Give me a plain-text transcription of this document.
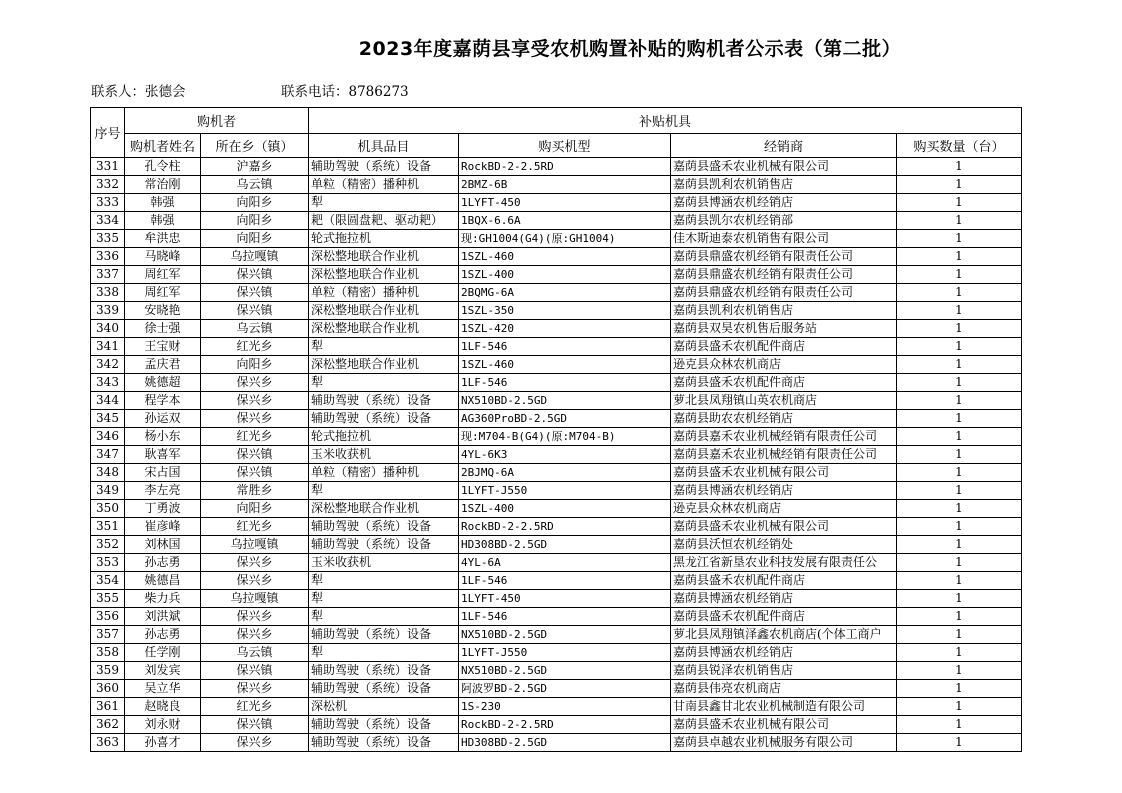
2023年度嘉荫县享受农机购置补贴的购机者公示表（第二批）
联系人：张德会	联系电话：8786273
序号	购机者		补贴机具			
	购机者姓名	所在乡（镇）	机具品目	购买机型	经销商	购买数量（台）
331	孔令柱	沪嘉乡	辅助驾驶（系统）设备	RockBD-2-2.5RD	嘉荫县盛禾农业机械有限公司	1
332	常治刚	乌云镇	单粒（精密）播种机	2BMZ-6B	嘉荫县凯利农机销售店	1
333	韩强	向阳乡	犁	1LYFT-450	嘉荫县博涵农机经销店	1
334	韩强	向阳乡	耙（限圆盘耙、驱动耙）	1BQX-6.6A	嘉荫县凯尔农机经销部	1
335	牟洪忠	向阳乡	轮式拖拉机	现:GH1004(G4)(原:GH1004)	佳木斯迪泰农机销售有限公司	1
336	马晓峰	乌拉嘎镇	深松整地联合作业机	1SZL-460	嘉荫县鼎盛农机经销有限责任公司	1
337	周红军	保兴镇	深松整地联合作业机	1SZL-400	嘉荫县鼎盛农机经销有限责任公司	1
338	周红军	保兴镇	单粒（精密）播种机	2BQMG-6A	嘉荫县鼎盛农机经销有限责任公司	1
339	安晓艳	保兴镇	深松整地联合作业机	1SZL-350	嘉荫县凯利农机销售店	1
340	徐士强	乌云镇	深松整地联合作业机	1SZL-420	嘉荫县双昊农机售后服务站	1
341	王宝财	红光乡	犁	1LF-546	嘉荫县盛禾农机配件商店	1
342	孟庆君	向阳乡	深松整地联合作业机	1SZL-460	逊克县众林农机商店	1
343	姚德超	保兴乡	犁	1LF-546	嘉荫县盛禾农机配件商店	1
344	程学本	保兴乡	辅助驾驶（系统）设备	NX510BD-2.5GD	萝北县凤翔镇山英农机商店	1
345	孙运双	保兴乡	辅助驾驶（系统）设备	AG360ProBD-2.5GD	嘉荫县助农农机经销店	1
346	杨小东	红光乡	轮式拖拉机	现:M704-B(G4)(原:M704-B)	嘉荫县嘉禾农业机械经销有限责任公司	1
347	耿喜军	保兴镇	玉米收获机	4YL-6K3	嘉荫县嘉禾农业机械经销有限责任公司	1
348	宋占国	保兴镇	单粒（精密）播种机	2BJMQ-6A	嘉荫县盛禾农业机械有限公司	1
349	李左亮	常胜乡	犁	1LYFT-J550	嘉荫县博涵农机经销店	1
350	丁勇波	向阳乡	深松整地联合作业机	1SZL-400	逊克县众林农机商店	1
351	崔彦峰	红光乡	辅助驾驶（系统）设备	RockBD-2-2.5RD	嘉荫县盛禾农业机械有限公司	1
352	刘林国	乌拉嘎镇	辅助驾驶（系统）设备	HD308BD-2.5GD	嘉荫县沃恒农机经销处	1
353	孙志勇	保兴乡	玉米收获机	4YL-6A	黑龙江省新垦农业科技发展有限责任公	1
354	姚德昌	保兴乡	犁	1LF-546	嘉荫县盛禾农机配件商店	1
355	柴力兵	乌拉嘎镇	犁	1LYFT-450	嘉荫县博涵农机经销店	1
356	刘洪斌	保兴乡	犁	1LF-546	嘉荫县盛禾农机配件商店	1
357	孙志勇	保兴乡	辅助驾驶（系统）设备	NX510BD-2.5GD	萝北县凤翔镇泽鑫农机商店(个体工商户	1
358	任学刚	乌云镇	犁	1LYFT-J550	嘉荫县博涵农机经销店	1
359	刘发宾	保兴镇	辅助驾驶（系统）设备	NX510BD-2.5GD	嘉荫县锐泽农机销售店	1
360	吴立华	保兴乡	辅助驾驶（系统）设备	阿波罗BD-2.5GD	嘉荫县伟亮农机商店	1
361	赵晓良	红光乡	深松机	1S-230	甘南县鑫甘北农业机械制造有限公司	1
362	刘永财	保兴镇	辅助驾驶（系统）设备	RockBD-2-2.5RD	嘉荫县盛禾农业机械有限公司	1
363	孙喜才	保兴乡	辅助驾驶（系统）设备	HD308BD-2.5GD	嘉荫县卓越农业机械服务有限公司	1
